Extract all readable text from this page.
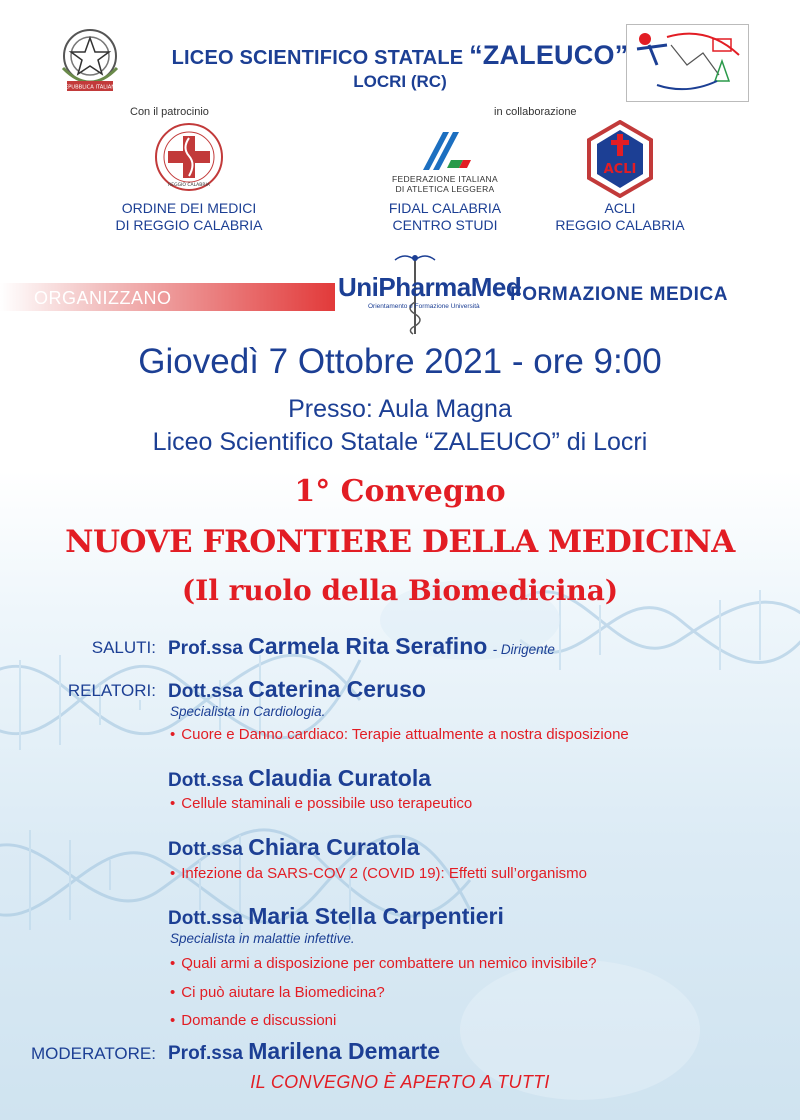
REPUBBLICA ITALIANA
LICEO SCIENTIFICO STATALE “ZALEUCO”
LOCRI (RC)
Con il patrocinio	in collaborazione
REGGIO CALABRIA
ORDINE DEI MEDICI
DI REGGIO CALABRIA
FEDERAZIONE ITALIANA
DI ATLETICA LEGGERA
FIDAL CALABRIA
CENTRO STUDI
ACLI
ACLI
REGGIO CALABRIA
ORGANIZZANO	UniPharmaMed
Orientamento e Formazione Università
FORMAZIONE MEDICA
Giovedì 7 Ottobre 2021 - ore 9:00
Presso: Aula Magna
Liceo Scientifico Statale “ZALEUCO” di Locri
1° Convegno
NUOVE FRONTIERE DELLA MEDICINA
(Il ruolo della Biomedicina)
SALUTI: Prof.ssa Carmela Rita Serafino - Dirigente
RELATORI: Dott.ssa Caterina Ceruso
Specialista in Cardiologia.
• Cuore e Danno cardiaco: Terapie attualmente a nostra disposizione
Dott.ssa Claudia Curatola
• Cellule staminali e possibile uso terapeutico
Dott.ssa Chiara Curatola
• Infezione da SARS-COV 2 (COVID 19): Effetti sull’organismo
Dott.ssa Maria Stella Carpentieri
Specialista in malattie infettive.
• Quali armi a disposizione per combattere un nemico invisibile?
• Ci può aiutare la Biomedicina?
• Domande e discussioni
MODERATORE: Prof.ssa Marilena Demarte
IL CONVEGNO È APERTO A TUTTI
